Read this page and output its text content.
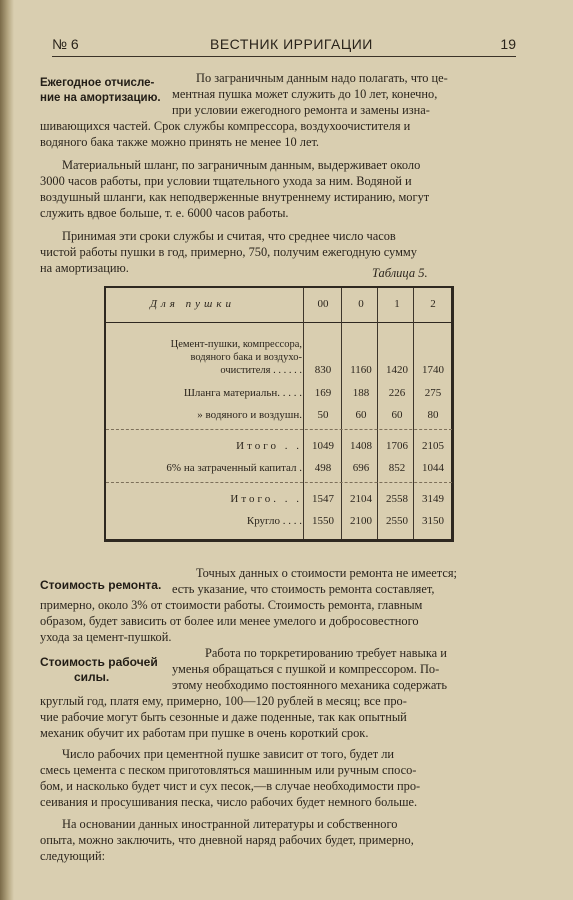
№ 6	ВЕСТНИК ИРРИГАЦИИ	19
Ежегодное отчисле-
ние на амортизацию.
По заграничным данным надо полагать, что це-
ментная пушка может служить до 10 лет, конечно,
при условии ежегодного ремонта и замены изна-
шивающихся частей. Срок службы компрессора, воздухоочистителя и
водяного бака также можно принять не менее 10 лет.
Материальный шланг, по заграничным данным, выдерживает около
3000 часов работы, при условии тщательного ухода за ним. Водяной и
воздушный шланги, как неподверженные внутреннему истиранию, могут
служить вдвое больше, т. е. 6000 часов работы.
Принимая эти сроки службы и считая, что среднее число часов
чистой работы пушки в год, примерно, 750, получим ежегодную сумму
на амортизацию.	Таблица 5.
Для пушки	00	0	1	2
Цемент-пушки, компрессора,
водяного бака и воздухо-
очистителя . . . . . .	830	1160	1420	1740
Шланга материальн. . . . .	169	188	226	275
» водяного и воздушн.	50	60	60	80
Итого . . 1049	1408	1706	2105
6% на затраченный капитал .	498	696	852	1044
Итого. . . 1547	2104	2558	3149
Кругло . . . . 1550	2100	2550	3150
Стоимость ремонта.
Точных данных о стоимости ремонта не имеется;
есть указание, что стоимость ремонта составляет,
примерно, около 3% от стоимости работы. Стоимость ремонта, главным
образом, будет зависить от более или менее умелого и добросовестного
ухода за цемент-пушкой.
Стоимость рабочей
силы.
Работа по торкретированию требует навыка и
уменья обращаться с пушкой и компрессором. По-
этому необходимо постоянного механика содержать
круглый год, платя ему, примерно, 100—120 рублей в месяц; все про-
чие рабочие могут быть сезонные и даже поденные, так как опытный
механик обучит их работам при пушке в очень короткий срок.
Число рабочих при цементной пушке зависит от того, будет ли
смесь цемента с песком приготовляться машинным или ручным спосо-
бом, и насколько будет чист и сух песок,—в случае необходимости про-
сеивания и просушивания песка, число рабочих будет немного больше.
На основании данных иностранной литературы и собственного
опыта, можно заключить, что дневной наряд рабочих будет, примерно,
следующий:
